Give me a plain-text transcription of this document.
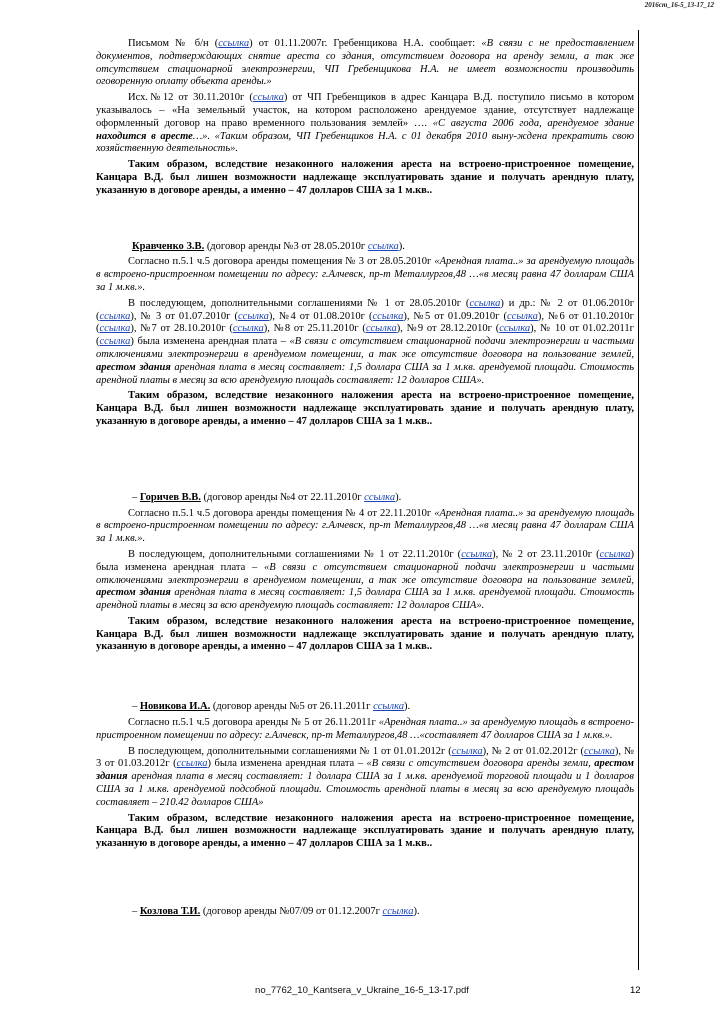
2016ст_16-5_13-17_12

Письмом № б/н (ссылка) от 01.11.2007г. Гребенщикова Н.А. сообщает: «В связи с не предоставлением документов, подтверждающих снятие ареста со здания, отсутствием договора на аренду земли, а так же отсутствием стационарной электроэнергии, ЧП Гребенщикова Н.А. не имеет возможности производить оговоренную оплату объекта аренды.»

Исх.№12 от 30.11.2010г (ссылка) от ЧП Гребенщиков в адрес Канцара В.Д. поступило письмо в котором указывалось – «На земельный участок, на котором расположено арендуемое здание, отсутствует надлежаще оформленный договор на право временного пользования землей» …. «С августа 2006 года, арендуемое здание находится в аресте…». «Таким образом, ЧП Гребенщиков Н.А. с 01 декабря 2010 выну-ждена прекратить свою хозяйственную деятельность».

Таким образом, вследствие незаконного наложения ареста на встроено-пристроенное помещение, Канцара В.Д. был лишен возможности надлежаще эксплуатировать здание и получать арендную плату, указанную в договоре аренды, а именно – 47 долларов США за 1 м.кв..

Кравченко З.В. (договор аренды №3 от 28.05.2010г ссылка).

Согласно п.5.1 ч.5 договора аренды помещения № 3 от 28.05.2010г «Арендная плата..» за арендуемую площадь в встроено-пристроенном помещении по адресу: г.Алчевск, пр-т Металлургов,48 …«в месяц равна 47 долларам США за 1 м.кв.».

В последующем, дополнительными соглашениями № 1 от 28.05.2010г (ссылка) и др.: № 2 от 01.06.2010г (ссылка), № 3 от 01.07.2010г (ссылка), №4 от 01.08.2010г (ссылка), №5 от 01.09.2010г (ссылка), №6 от 01.10.2010г (ссылка), №7 от 28.10.2010г (ссылка), №8 от 25.11.2010г (ссылка), №9 от 28.12.2010г (ссылка), № 10 от 01.02.2011г (ссылка) была изменена арендная плата – «В связи с отсутствием стационарной подачи электроэнергии и частыми отключениями электроэнергии в арендуемом помещении, а так же отсутствие договора на пользование землей, арестом здания арендная плата в месяц составляет: 1,5 доллара США за 1 м.кв. арендуемой площади. Стоимость арендной платы в месяц за всю арендуемую площадь составляет: 12 долларов США».

Таким образом, вследствие незаконного наложения ареста на встроено-пристроенное помещение, Канцара В.Д. был лишен возможности надлежаще эксплуатировать здание и получать арендную плату, указанную в договоре аренды, а именно – 47 долларов США за 1 м.кв..

– Горичев В.В. (договор аренды №4 от 22.11.2010г ссылка).

Согласно п.5.1 ч.5 договора аренды помещения № 4 от 22.11.2010г «Арендная плата..» за арендуемую площадь в встроено-пристроенном помещении по адресу: г.Алчевск, пр-т Металлургов,48 …«в месяц равна 47 долларам США за 1 м.кв.».

В последующем, дополнительными соглашениями № 1 от 22.11.2010г (ссылка), № 2 от 23.11.2010г (ссылка) была изменена арендная плата – «В связи с отсутствием стационарной подачи электроэнергии и частыми отключениями электроэнергии в арендуемом помещении, а так же отсутствие договора на пользование землей, арестом здания арендная плата в месяц составляет: 1,5 доллара США за 1 м.кв. арендуемой площади. Стоимость арендной платы в месяц за всю арендуемую площадь составляет: 12 долларов США».

Таким образом, вследствие незаконного наложения ареста на встроено-пристроенное помещение, Канцара В.Д. был лишен возможности надлежаще эксплуатировать здание и получать арендную плату, указанную в договоре аренды, а именно – 47 долларов США за 1 м.кв..

– Новикова И.А. (договор аренды №5 от 26.11.2011г ссылка).

Согласно п.5.1 ч.5 договора аренды № 5 от 26.11.2011г «Арендная плата..» за арендуемую площадь в встроено-пристроенном помещении по адресу: г.Алчевск, пр-т Металлургов,48 …«составляет 47 долларов США за 1 м.кв.».

В последующем, дополнительными соглашениями № 1 от 01.01.2012г (ссылка), № 2 от 01.02.2012г (ссылка), № 3 от 01.03.2012г (ссылка) была изменена арендная плата – «В связи с отсутствием договора аренды земли, арестом здания арендная плата в месяц составляет: 1 доллара США за 1 м.кв. арендуемой торговой площади и 1 долларов США за 1 м.кв. арендуемой подсобной площади. Стоимость арендной платы в месяц за всю арендуемую площадь составляет – 210.42 долларов США»

Таким образом, вследствие незаконного наложения ареста на встроено-пристроенное помещение, Канцара В.Д. был лишен возможности надлежаще эксплуатировать здание и получать арендную плату, указанную в договоре аренды, а именно – 47 долларов США за 1 м.кв..

– Козлова Т.И. (договор аренды №07/09 от 01.12.2007г ссылка).

no_7762_10_Kantsera_v_Ukraine_16-5_13-17.pdf	12
